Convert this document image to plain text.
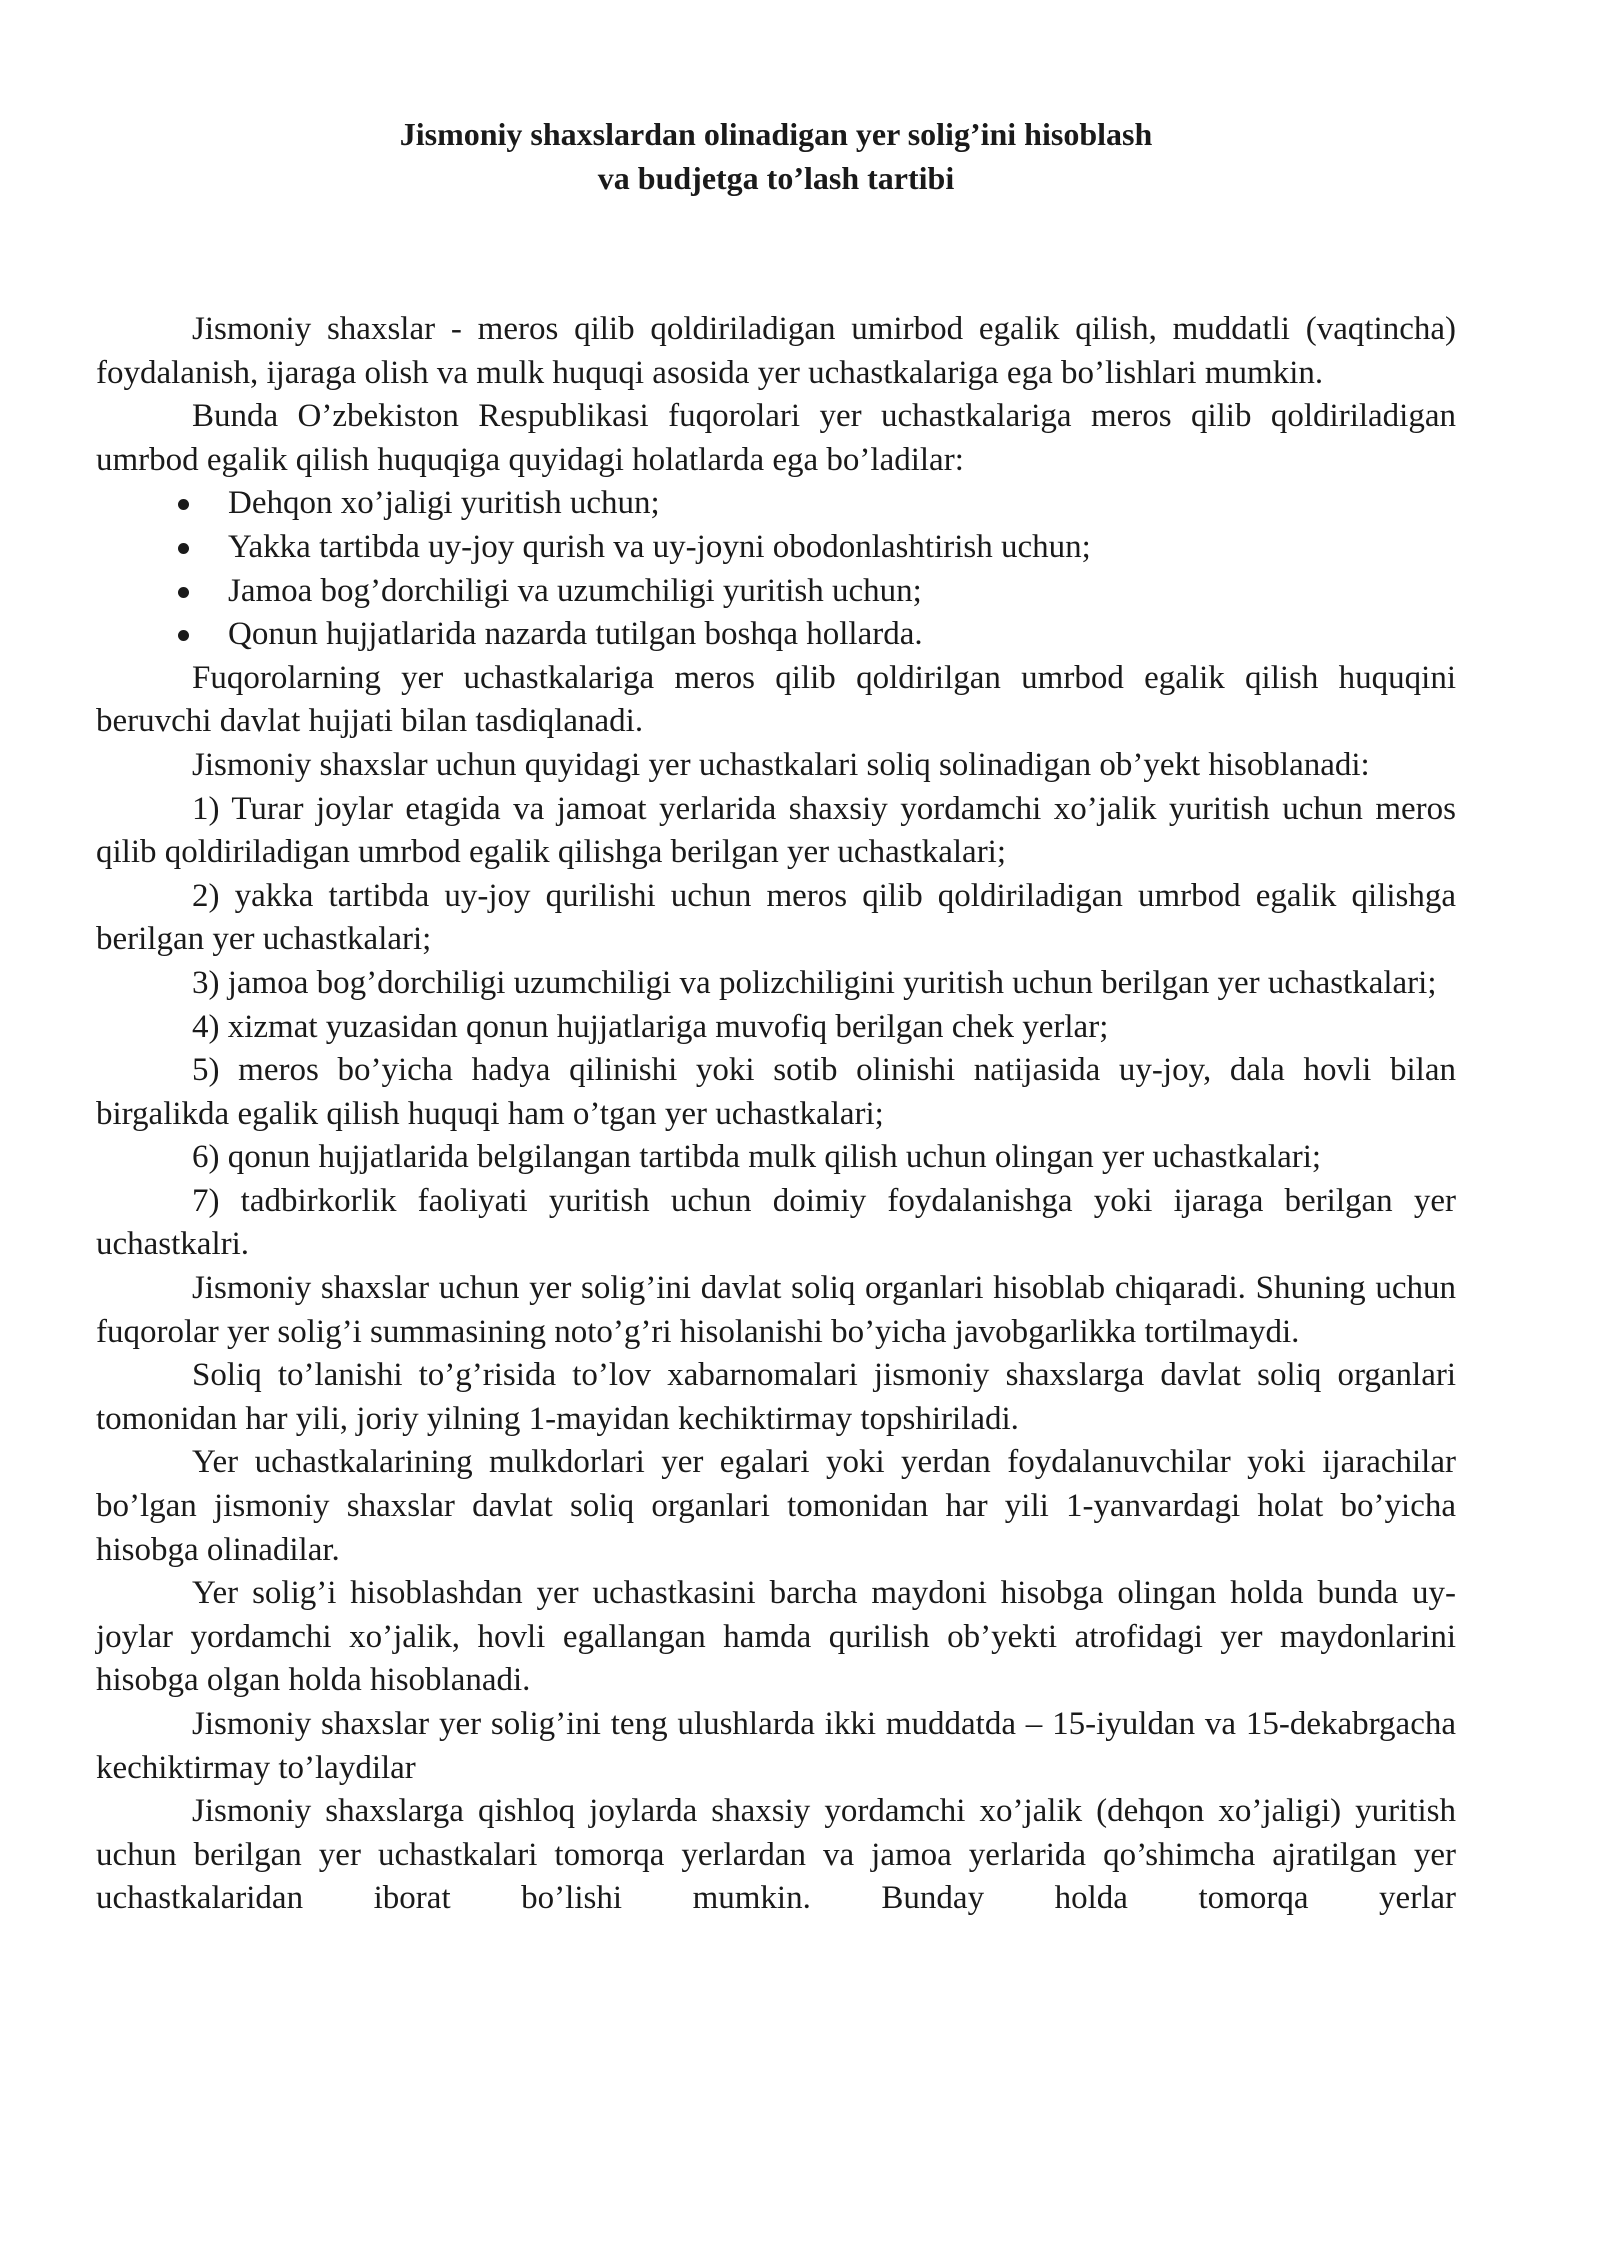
Jismoniy shaxslardan olinadigan yer solig’ini hisoblash
va budjetga to’lash tartibi

Jismoniy shaxslar - meros qilib qoldiriladigan umirbod egalik qilish, muddatli (vaqtincha) foydalanish, ijaraga olish va mulk huquqi asosida yer uchastkalariga ega bo’lishlari mumkin.

Bunda O’zbekiston Respublikasi fuqorolari yer uchastkalariga meros qilib qoldiriladigan umrbod egalik qilish huquqiga quyidagi holatlarda ega bo’ladilar:

Dehqon xo’jaligi yuritish uchun;
Yakka tartibda uy-joy qurish va uy-joyni obodonlashtirish uchun;
Jamoa bog’dorchiligi va uzumchiligi yuritish uchun;
Qonun hujjatlarida nazarda tutilgan boshqa hollarda.

Fuqorolarning yer uchastkalariga meros qilib qoldirilgan umrbod egalik qilish huquqini beruvchi davlat hujjati bilan tasdiqlanadi.

Jismoniy shaxslar uchun quyidagi yer uchastkalari soliq solinadigan ob’yekt hisoblanadi:

1) Turar joylar etagida va jamoat yerlarida shaxsiy yordamchi xo’jalik yuritish uchun meros qilib qoldiriladigan umrbod egalik qilishga berilgan yer uchastkalari;

2) yakka tartibda uy-joy qurilishi uchun meros qilib qoldiriladigan umrbod egalik qilishga berilgan yer uchastkalari;

3) jamoa bog’dorchiligi uzumchiligi va polizchiligini yuritish uchun berilgan yer uchastkalari;

4) xizmat yuzasidan qonun hujjatlariga muvofiq berilgan chek yerlar;

5) meros bo’yicha hadya qilinishi yoki sotib olinishi natijasida uy-joy, dala hovli bilan birgalikda egalik qilish huquqi ham o’tgan yer uchastkalari;

6) qonun hujjatlarida belgilangan tartibda mulk qilish uchun olingan yer uchastkalari;

7) tadbirkorlik faoliyati yuritish uchun doimiy foydalanishga yoki ijaraga berilgan yer uchastkalri.

Jismoniy shaxslar uchun yer solig’ini davlat soliq organlari hisoblab chiqaradi. Shuning uchun fuqorolar yer solig’i summasining noto’g’ri hisolanishi bo’yicha javobgarlikka tortilmaydi.

Soliq to’lanishi to’g’risida to’lov xabarnomalari jismoniy shaxslarga davlat soliq organlari tomonidan har yili, joriy yilning 1-mayidan kechiktirmay topshiriladi.

Yer uchastkalarining mulkdorlari yer egalari yoki yerdan foydalanuvchilar yoki ijarachilar bo’lgan jismoniy shaxslar davlat soliq organlari tomonidan har yili 1-yanvardagi holat bo’yicha hisobga olinadilar.

Yer solig’i hisoblashdan yer uchastkasini barcha maydoni hisobga olingan holda bunda uy-joylar yordamchi xo’jalik, hovli egallangan hamda qurilish ob’yekti atrofidagi yer maydonlarini hisobga olgan holda hisoblanadi.

Jismoniy shaxslar yer solig’ini teng ulushlarda ikki muddatda – 15-iyuldan va 15-dekabrgacha kechiktirmay to’laydilar

Jismoniy shaxslarga qishloq joylarda shaxsiy yordamchi xo’jalik (dehqon xo’jaligi) yuritish uchun berilgan yer uchastkalari tomorqa yerlardan va jamoa yerlarida qo’shimcha ajratilgan yer uchastkalaridan iborat bo’lishi mumkin. Bunday holda tomorqa yerlar
